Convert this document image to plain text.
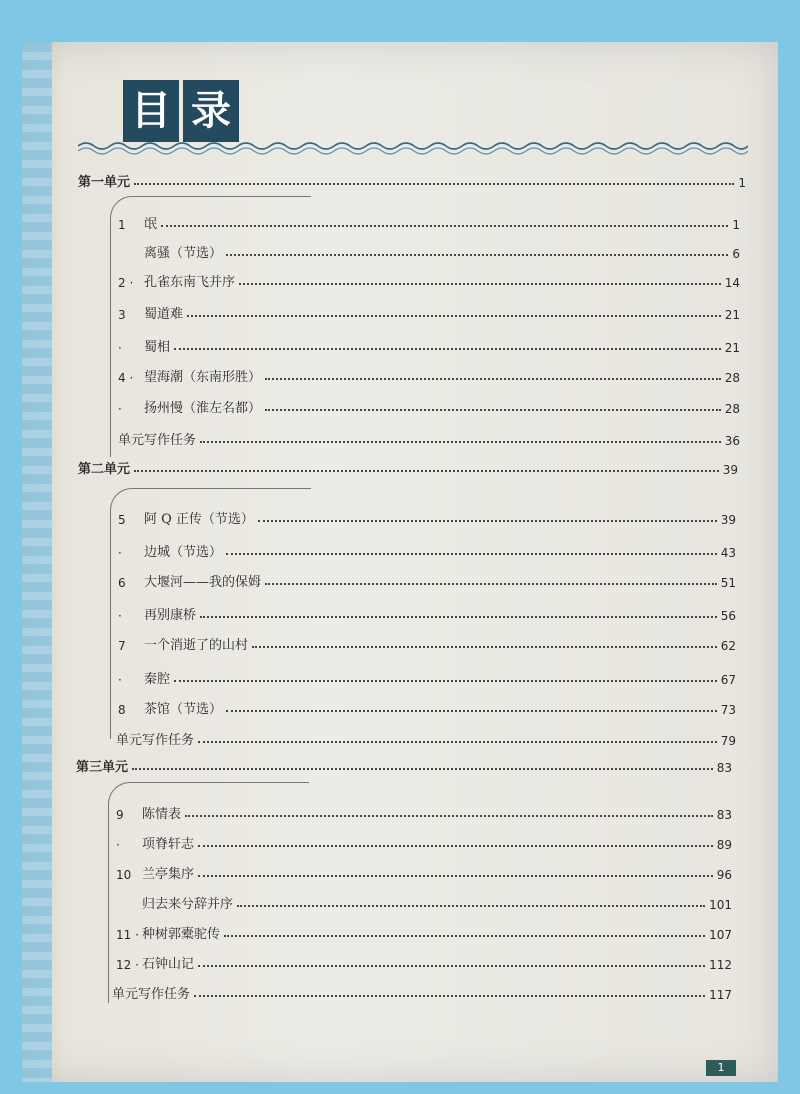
目 录
第一单元	1
1	氓	1
离骚（节选）	6
2 · 孔雀东南飞并序	14
3	蜀道难	21
·	蜀相	21
4 · 望海潮（东南形胜）	28
·	扬州慢（淮左名都）	28
单元写作任务	36
第二单元	39
5	阿 Q 正传（节选）	39
·	边城（节选）	43
6	大堰河——我的保姆	51
·	再别康桥	56
7	一个消逝了的山村	62
·	秦腔	67
8	茶馆（节选）	73
单元写作任务	79
第三单元	83
9	陈情表	83
·	项脊轩志	89
10 兰亭集序	96
归去来兮辞并序	101
11 · 种树郭橐驼传	107
12 · 石钟山记	112
单元写作任务	117
1
